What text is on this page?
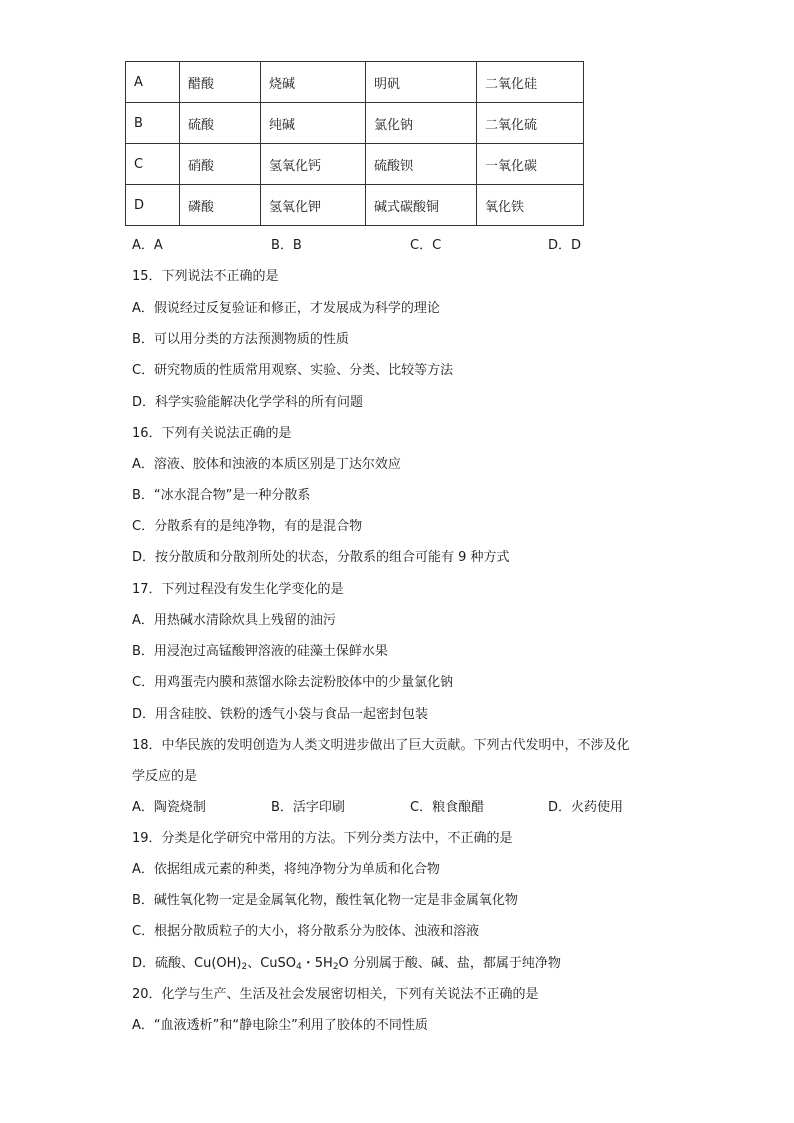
A	醋酸	烧碱	明矾	二氧化硅
B	硫酸	纯碱	氯化钠	二氧化硫
C	硝酸	氢氧化钙	硫酸钡	一氧化碳
D	磷酸	氢氧化钾	碱式碳酸铜	氧化铁
A．A	B．B	C．C	D．D
15．下列说法不正确的是
A．假说经过反复验证和修正，才发展成为科学的理论
B．可以用分类的方法预测物质的性质
C．研究物质的性质常用观察、实验、分类、比较等方法
D．科学实验能解决化学学科的所有问题
16．下列有关说法正确的是
A．溶液、胶体和浊液的本质区别是丁达尔效应
B．“冰水混合物”是一种分散系
C．分散系有的是纯净物，有的是混合物
D．按分散质和分散剂所处的状态，分散系的组合可能有 9 种方式
17．下列过程没有发生化学变化的是
A．用热碱水清除炊具上残留的油污
B．用浸泡过高锰酸钾溶液的硅藻土保鲜水果
C．用鸡蛋壳内膜和蒸馏水除去淀粉胶体中的少量氯化钠
D．用含硅胶、铁粉的透气小袋与食品一起密封包装
18．中华民族的发明创造为人类文明进步做出了巨大贡献。下列古代发明中，不涉及化
学反应的是
A．陶瓷烧制	B．活字印刷	C．粮食酿醋	D．火药使用
19．分类是化学研究中常用的方法。下列分类方法中，不正确的是
A．依据组成元素的种类，将纯净物分为单质和化合物
B．碱性氧化物一定是金属氧化物，酸性氧化物一定是非金属氧化物
C．根据分散质粒子的大小，将分散系分为胶体、浊液和溶液
D．硫酸、$Cu(OH)_2$、CuSO$_4$・$5H_2O$ 分别属于酸、碱、盐，都属于纯净物
20．化学与生产、生活及社会发展密切相关，下列有关说法不正确的是
A．“血液透析”和“静电除尘”利用了胶体的不同性质
